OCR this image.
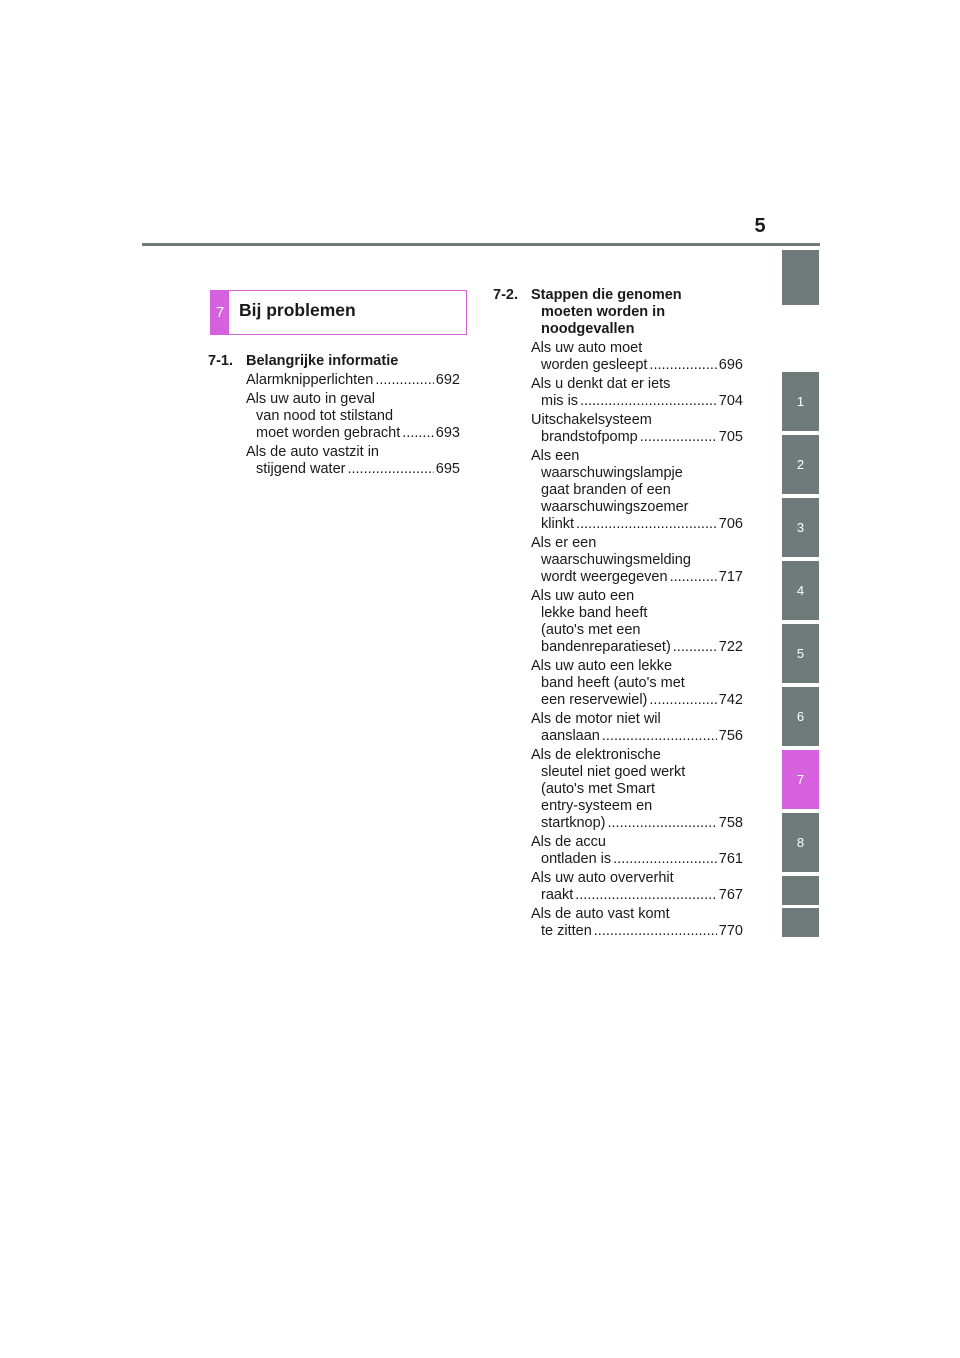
5
1
2
3
4
5
6
7
8
7 Bij problemen
7-1. Belangrijke informatie
Alarmknipperlichten .....	692
Als uw auto in geval
van nood tot stilstand
moet worden gebracht ..... 693
Als de auto vastzit in
stijgend water .....	695
7-2. Stappen die genomen
moeten worden in
noodgevallen
Als uw auto moet
worden gesleept .....	696
Als u denkt dat er iets
mis is .....	704
Uitschakelsysteem
brandstofpomp .....	705
Als een
waarschuwingslampje
gaat branden of een
waarschuwingszoemer
klinkt .....	706
Als er een
waarschuwingsmelding
wordt weergegeven .....	717
Als uw auto een
lekke band heeft
(auto's met een
bandenreparatieset) .....	722
Als uw auto een lekke
band heeft (auto's met
een reservewiel) .....	742
Als de motor niet wil
aanslaan .....	756
Als de elektronische
sleutel niet goed werkt
(auto's met Smart
entry-systeem en
startknop) .....	758
Als de accu
ontladen is .....	761
Als uw auto oververhit
raakt .....	767
Als de auto vast komt
te zitten .....	770
